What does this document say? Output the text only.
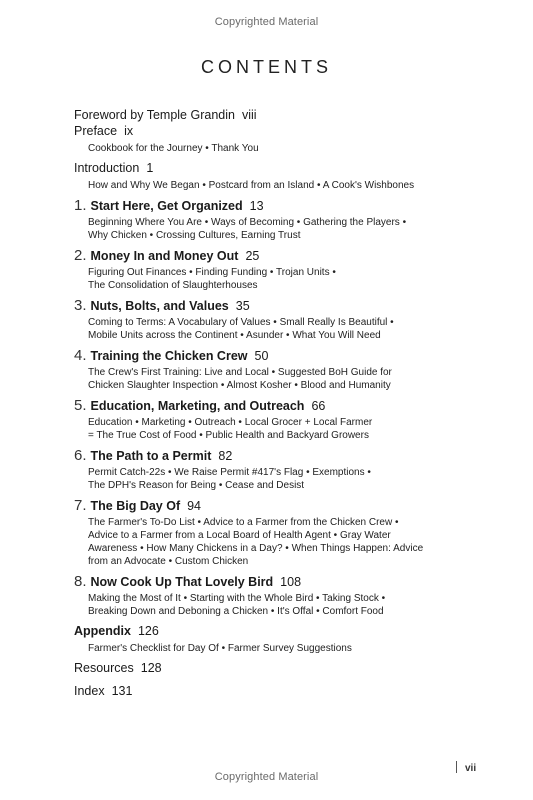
Copyrighted Material
CONTENTS
Foreword by Temple Grandin viii
Preface ix
Cookbook for the Journey • Thank You
Introduction 1
How and Why We Began • Postcard from an Island • A Cook's Wishbones
1. Start Here, Get Organized 13
Beginning Where You Are • Ways of Becoming • Gathering the Players •
Why Chicken • Crossing Cultures, Earning Trust
2. Money In and Money Out 25
Figuring Out Finances • Finding Funding • Trojan Units •
The Consolidation of Slaughterhouses
3. Nuts, Bolts, and Values 35
Coming to Terms: A Vocabulary of Values • Small Really Is Beautiful •
Mobile Units across the Continent • Asunder • What You Will Need
4. Training the Chicken Crew 50
The Crew's First Training: Live and Local • Suggested BoH Guide for
Chicken Slaughter Inspection • Almost Kosher • Blood and Humanity
5. Education, Marketing, and Outreach 66
Education • Marketing • Outreach • Local Grocer + Local Farmer
= The True Cost of Food • Public Health and Backyard Growers
6. The Path to a Permit 82
Permit Catch-22s • We Raise Permit #417's Flag • Exemptions •
The DPH's Reason for Being • Cease and Desist
7. The Big Day Of 94
The Farmer's To-Do List • Advice to a Farmer from the Chicken Crew •
Advice to a Farmer from a Local Board of Health Agent • Gray Water
Awareness • How Many Chickens in a Day? • When Things Happen: Advice
from an Advocate • Custom Chicken
8. Now Cook Up That Lovely Bird 108
Making the Most of It • Starting with the Whole Bird • Taking Stock •
Breaking Down and Deboning a Chicken • It's Offal • Comfort Food
Appendix 126
Farmer's Checklist for Day Of • Farmer Survey Suggestions
Resources 128
Index 131
vii
Copyrighted Material
